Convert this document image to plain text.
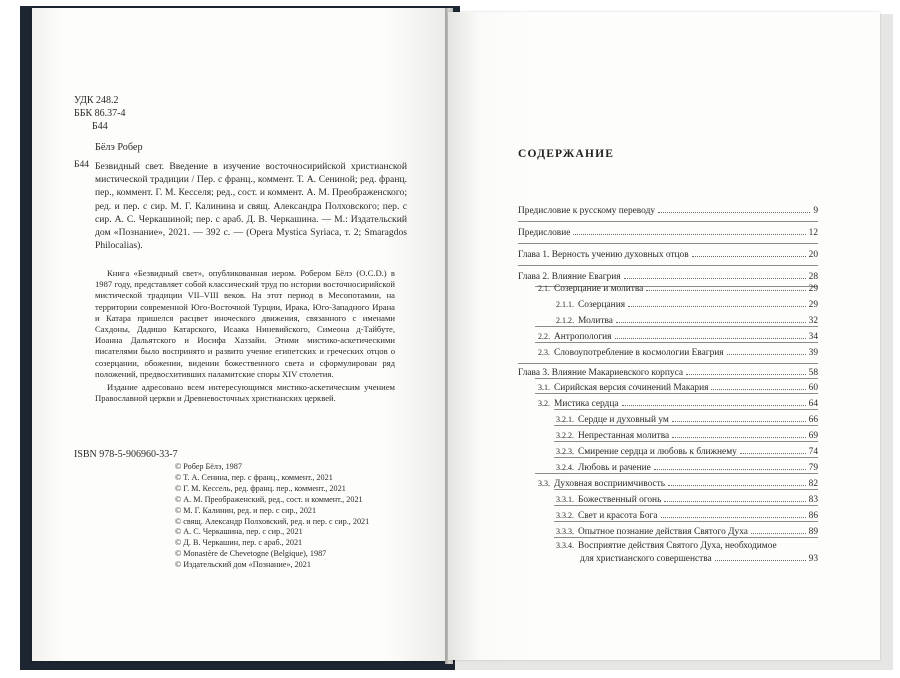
УДК 248.2
ББК 86.37-4
Б44
Бёлэ Робер
Б44 Безвидный свет. Введение в изучение восточносирийской христианской мистической традиции / Пер. с франц., коммент. Т. А. Сениной; ред. франц. пер., коммент. Г. М. Кесселя; ред., сост. и коммент. А. М. Преображенского; ред. и пер. с сир. М. Г. Калинина и свящ. Александра Полховского; пер. с сир. А. С. Черкашиной; пер. с араб. Д. В. Черкашина. — М.: Издательский дом «Познание», 2021. — 392 с. — (Opera Mystica Syriaca, т. 2; Smaragdos Philocalias).

Книга «Безвидный свет», опубликованная иером. Робером Бёлэ (O.C.D.) в 1987 году, представляет собой классический труд по истории восточносирийской мистической традиции VII–VIII веков. На этот период в Месопотамии, на территории современной Юго-Восточной Турции, Ирака, Юго-Западного Ирана и Катара пришелся расцвет иноческого движения, связанного с именами Сахдоны, Дадишо Катарского, Исаака Ниневийского, Симеона д-Тайбуте, Иоанна Дальятского и Иосифа Хаззайи. Этими мистико-аскетическими писателями было воспринято и развито учение египетских и греческих отцов о созерцании, обожении, видении божественного света и сформулирован ряд положений, предвосхитивших паламитские споры XIV столетия.

Издание адресовано всем интересующимся мистико-аскетическим учением Православной церкви и Древневосточных христианских церквей.

ISBN 978-5-906960-33-7
© Робер Бёлэ, 1987
© Т. А. Сенина, пер. с франц., коммент., 2021
© Г. М. Кессель, ред. франц. пер., коммент., 2021
© А. М. Преображенский, ред., сост. и коммент., 2021
© М. Г. Калинин, ред. и пер. с сир., 2021
© свящ. Александр Полховский, ред. и пер. с сир., 2021
© А. С. Черкашина, пер. с сир., 2021
© Д. В. Черкашин, пер. с араб., 2021
© Monastère de Chevetogne (Belgique), 1987
© Издательский дом «Познание», 2021
СОДЕРЖАНИЕ
Предисловие к русскому переводу	9
Предисловие	12
Глава 1. Верность учению духовных отцов	20
Глава 2. Влияние Евагрия	28
2.1. Созерцание и молитва	29
2.1.1. Созерцания	29
2.1.2. Молитва	32
2.2. Антропология	34
2.3. Словоупотребление в космологии Евагрия	39
Глава 3. Влияние Макариевского корпуса	58
3.1. Сирийская версия сочинений Макария	60
3.2. Мистика сердца	64
3.2.1. Сердце и духовный ум	66
3.2.2. Непрестанная молитва	69
3.2.3. Смирение сердца и любовь к ближнему	74
3.2.4. Любовь и рачение	79
3.3. Духовная восприимчивость	82
3.3.1. Божественный огонь	83
3.3.2. Свет и красота Бога	86
3.3.3. Опытное познание действия Святого Духа	89
3.3.4. Восприятие действия Святого Духа, необходимое
для христианского совершенства	93
